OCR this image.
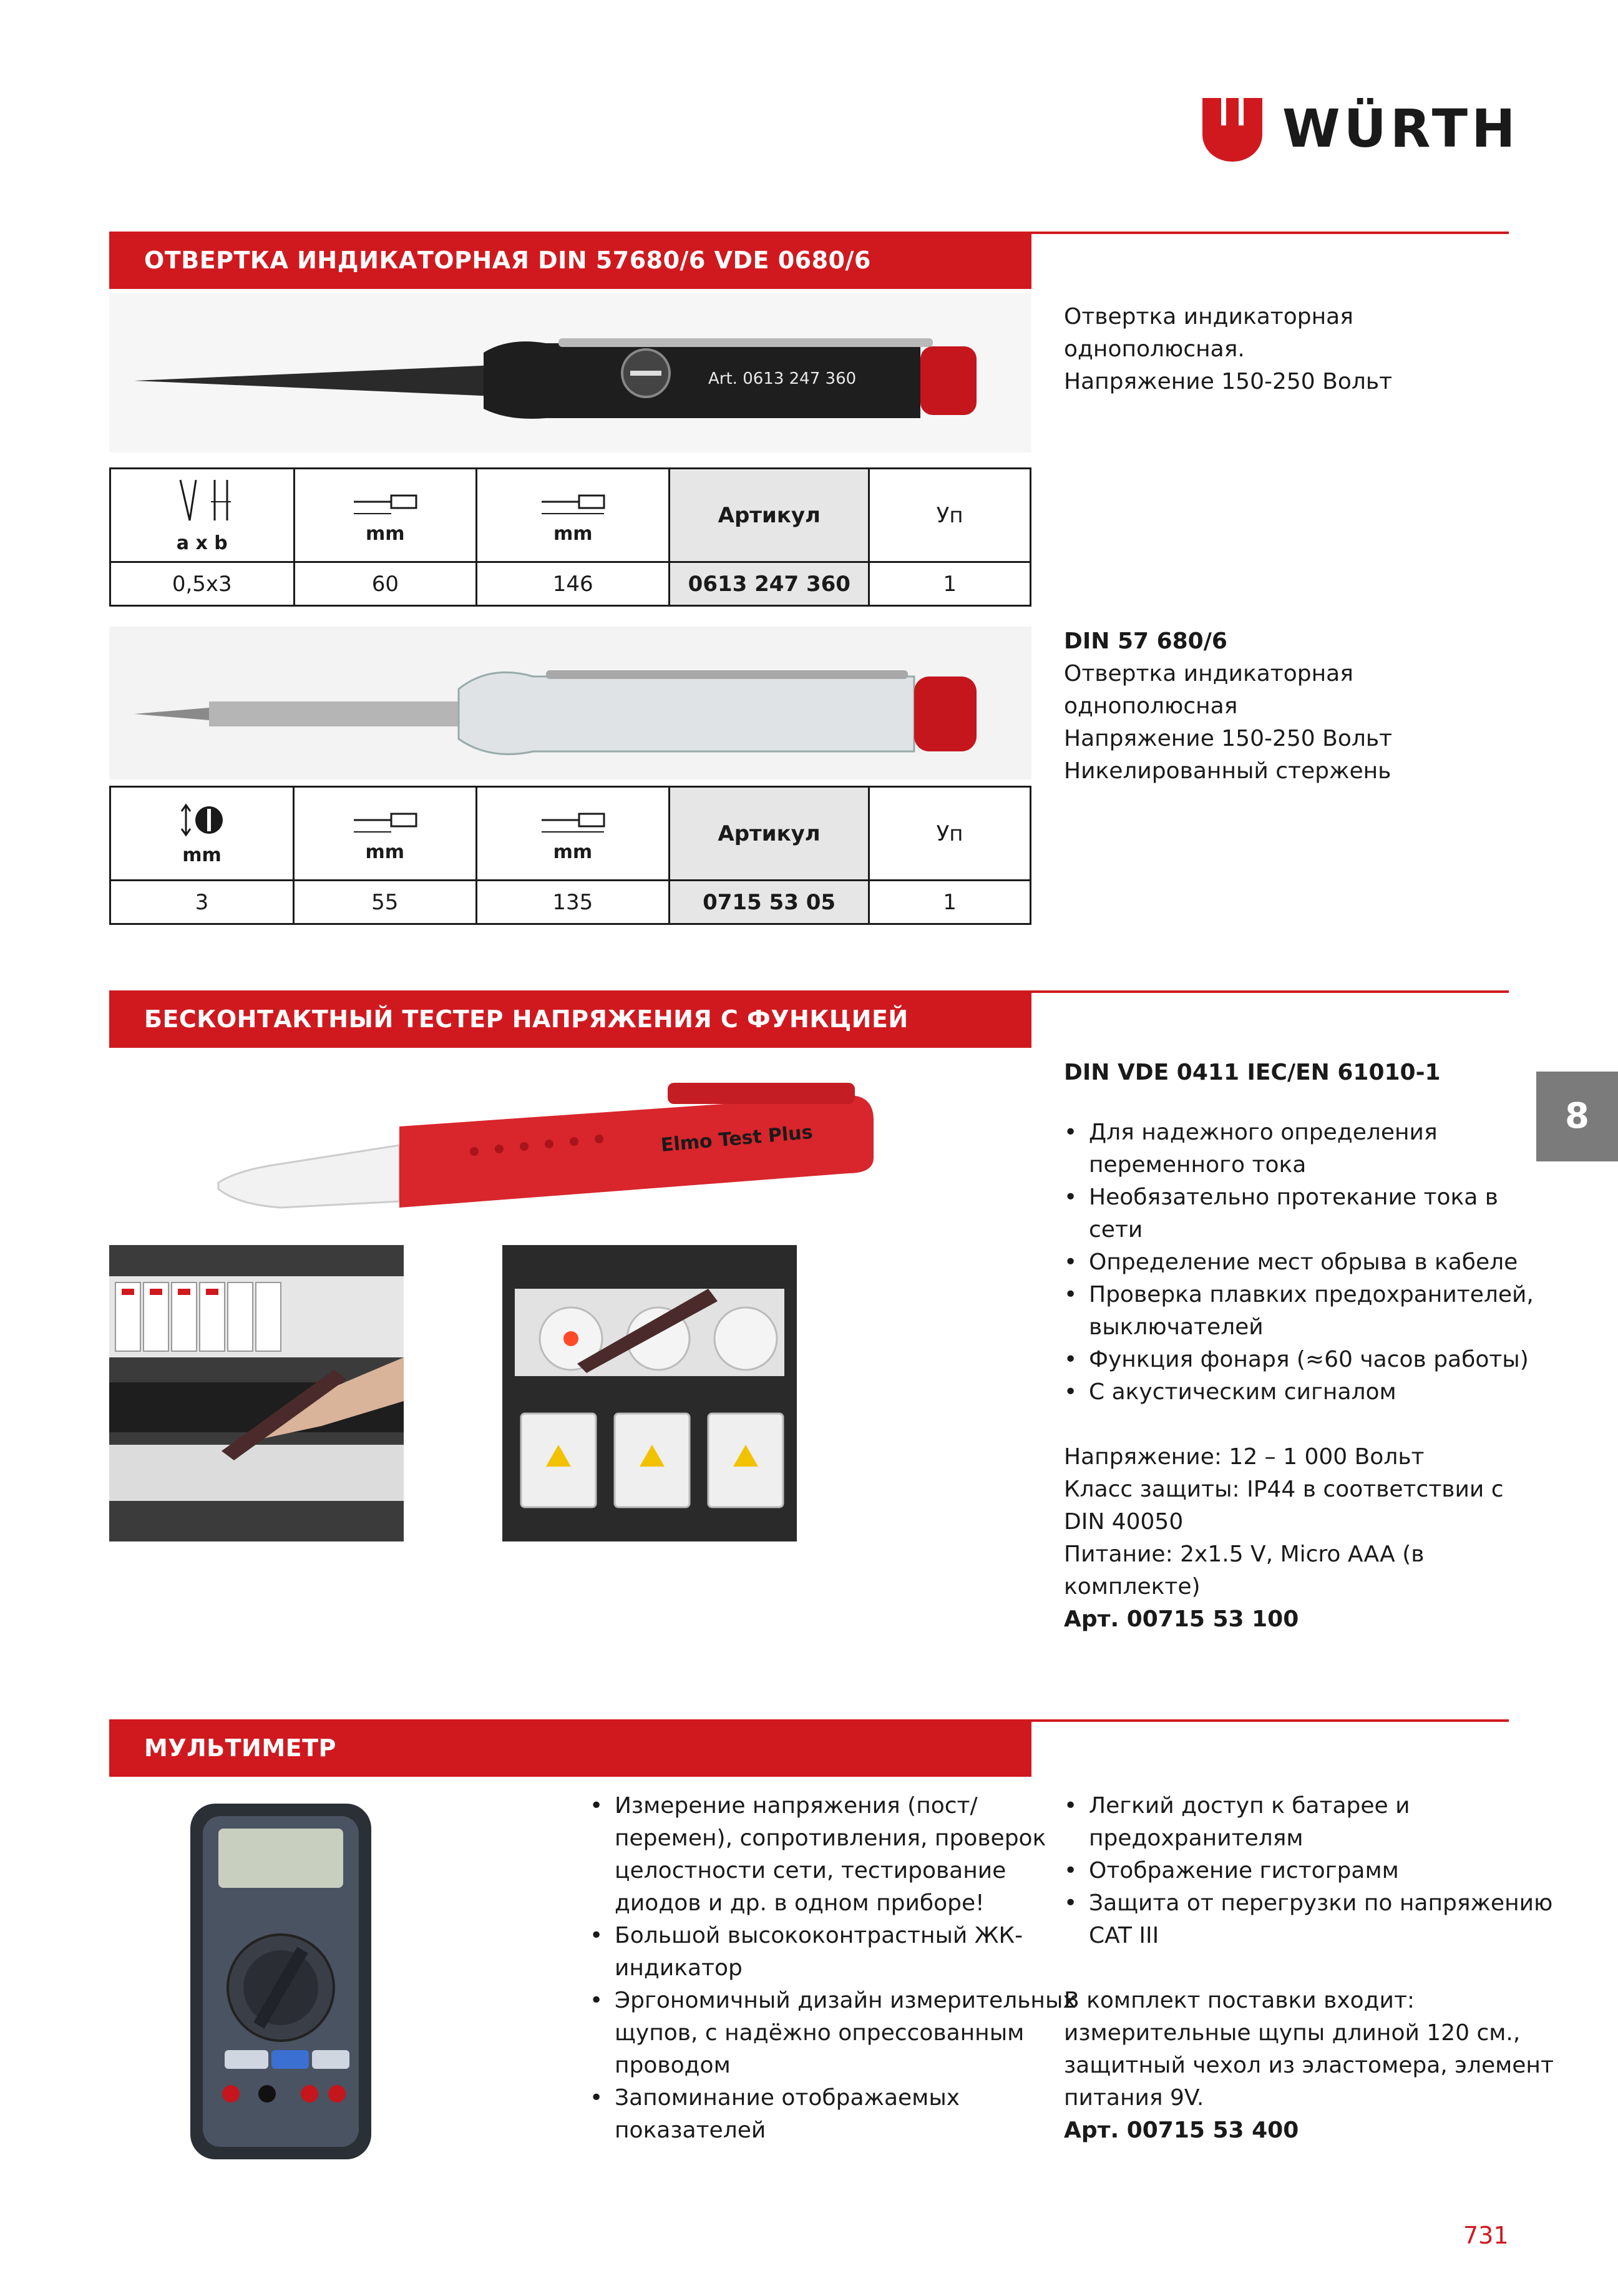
WÜRTH
ОТВЕРТКА ИНДИКАТОРНАЯ DIN 57680/6 VDE 0680/6
Art. 0613 247 360

Отвертка индикаторная

однополюсная.

Напряжение 150-250 Вольт

a x b	mm	mm	Артикул	Уп
0,5x3	60	146	0613 247 360	1

DIN 57 680/6

Отвертка индикаторная

однополюсная

Напряжение 150-250 Вольт

Никелированный стержень

mm	mm	mm	Артикул	Уп
3	55	135	0715 53 05	1
БЕСКОНТАКТНЫЙ ТЕСТЕР НАПРЯЖЕНИЯ С ФУНКЦИЕЙ ФОНАРЯ (LED)
Elmo Test Plus

DIN VDE 0411 IEC/EN 61010-1

• Для надежного определения
переменного тока
• Необязательно протекание тока в
сети
• Определение мест обрыва в кабеле
• Проверка плавких предохранителей,
выключателей
• Функция фонаря (≈60 часов работы)
• С акустическим сигналом

Напряжение: 12 – 1 000 Вольт

Класс защиты: IP44 в соответствии с

DIN 40050

Питание: 2x1.5 V, Micro AAA (в

комплекте)

Арт. 00715 53 100

8
МУЛЬТИМЕТР
• Измерение напряжения (пост/
перемен), сопротивления, проверок
целостности сети, тестирование
диодов и др. в одном приборе!
• Большой высококонтрастный ЖК-
индикатор
• Эргономичный дизайн измерительных
щупов, с надёжно опрессованным
проводом
• Запоминание отображаемых
показателей
• Легкий доступ к батарее и
предохранителям
• Отображение гистограмм
• Защита от перегрузки по напряжению
CAT III

В комплект поставки входит:

измерительные щупы длиной 120 см.,

защитный чехол из эластомера, элемент

питания 9V.

Арт. 00715 53 400

731
